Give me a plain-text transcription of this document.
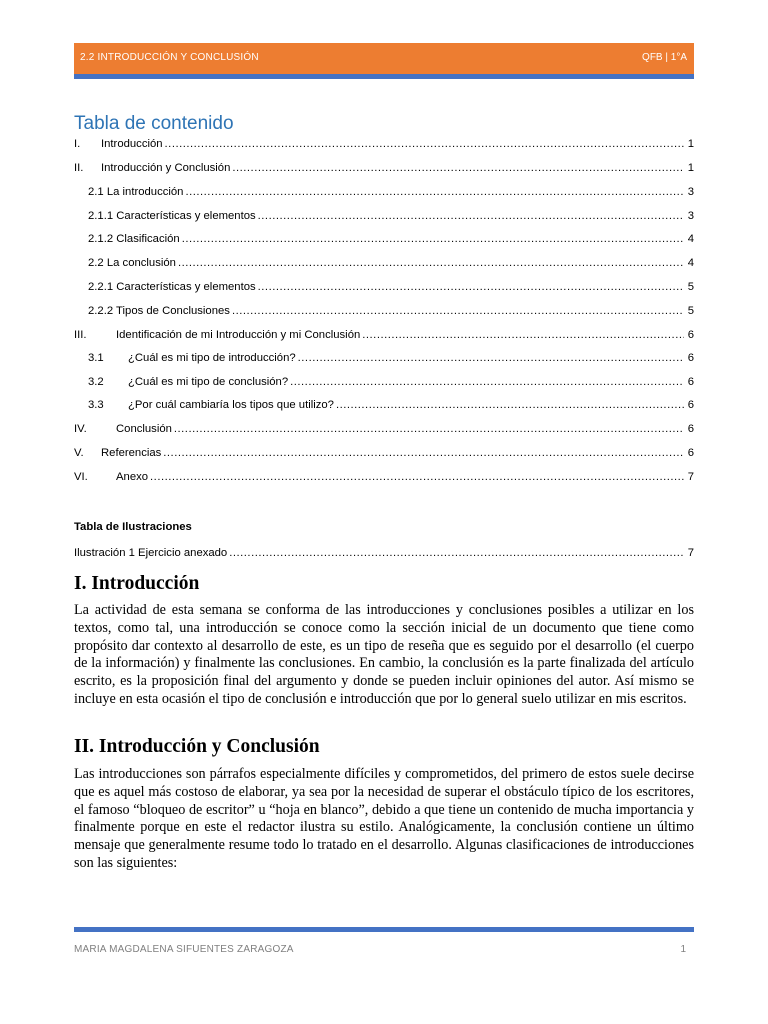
2.2 INTRODUCCIÓN Y CONCLUSIÓN	QFB | 1°A
Tabla de contenido
I. Introducción .....	1
II. Introducción y Conclusión .....	1
2.1 La introducción .....	3
2.1.1 Características y elementos .....	3
2.1.2 Clasificación .....	4
2.2 La conclusión .....	4
2.2.1 Características y elementos .....	5
2.2.2 Tipos de Conclusiones .....	5
III.	Identificación de mi Introducción y mi Conclusión .....	6
3.1 ¿Cuál es mi tipo de introducción? .....	6
3.2 ¿Cuál es mi tipo de conclusión? .....	6
3.3 ¿Por cuál cambiaría los tipos que utilizo? .....	6
IV.	Conclusión .....	6
V. Referencias .....	6
VI. Anexo .....	7
Tabla de Ilustraciones
Ilustración 1 Ejercicio anexado .....	7
I. Introducción

La actividad de esta semana se conforma de las introducciones y conclusiones posibles a utilizar en los textos, como tal, una introducción se conoce como la sección inicial de un documento que tiene como propósito dar contexto al desarrollo de este, es un tipo de reseña que es seguido por el desarrollo (el cuerpo de la información) y finalmente las conclusiones. En cambio, la conclusión es la parte finalizada del artículo escrito, es la proposición final del argumento y donde se pueden incluir opiniones del autor. Así mismo se incluye en esta ocasión el tipo de conclusión e introducción que por lo general suelo utilizar en mis escritos.

II. Introducción y Conclusión

Las introducciones son párrafos especialmente difíciles y comprometidos, del primero de estos suele decirse que es aquel más costoso de elaborar, ya sea por la necesidad de superar el obstáculo típico de los escritores, el famoso “bloqueo de escritor” u “hoja en blanco”, debido a que tiene un contenido de mucha importancia y finalmente porque en este el redactor ilustra su estilo. Analógicamente, la conclusión contiene un último mensaje que generalmente resume todo lo tratado en el desarrollo. Algunas clasificaciones de introducciones son las siguientes:

MARIA MAGDALENA SIFUENTES ZARAGOZA	1
